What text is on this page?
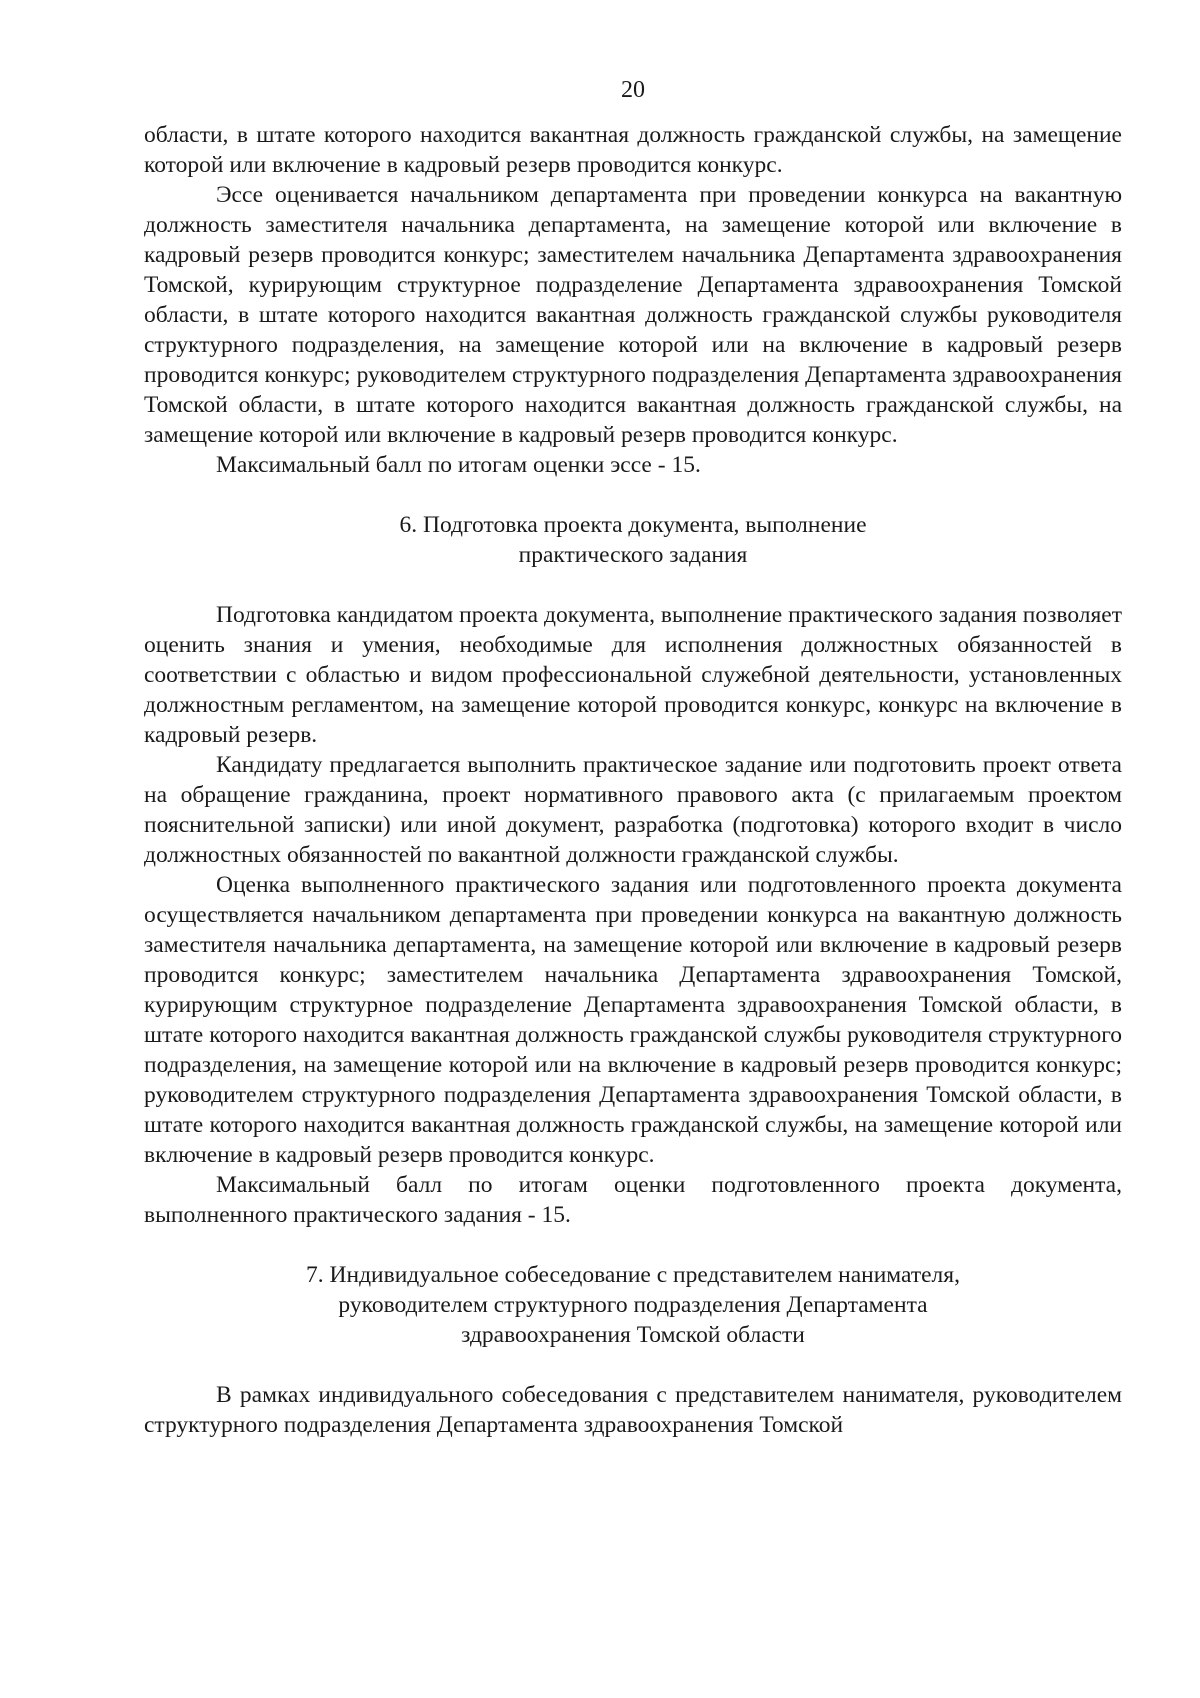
20

области, в штате которого находится вакантная должность гражданской службы, на замещение которой или включение в кадровый резерв проводится конкурс.

Эссе оценивается начальником департамента при проведении конкурса на вакантную должность заместителя начальника департамента, на замещение которой или включение в кадровый резерв проводится конкурс; заместителем начальника Департамента здравоохранения Томской, курирующим структурное подразделение Департамента здравоохранения Томской области, в штате которого находится вакантная должность гражданской службы руководителя структурного подразделения, на замещение которой или на включение в кадровый резерв проводится конкурс; руководителем структурного подразделения Департамента здравоохранения Томской области, в штате которого находится вакантная должность гражданской службы, на замещение которой или включение в кадровый резерв проводится конкурс.

Максимальный балл по итогам оценки эссе - 15.

6. Подготовка проекта документа, выполнение
практического задания

Подготовка кандидатом проекта документа, выполнение практического задания позволяет оценить знания и умения, необходимые для исполнения должностных обязанностей в соответствии с областью и видом профессиональной служебной деятельности, установленных должностным регламентом, на замещение которой проводится конкурс, конкурс на включение в кадровый резерв.

Кандидату предлагается выполнить практическое задание или подготовить проект ответа на обращение гражданина, проект нормативного правового акта (с прилагаемым проектом пояснительной записки) или иной документ, разработка (подготовка) которого входит в число должностных обязанностей по вакантной должности гражданской службы.

Оценка выполненного практического задания или подготовленного проекта документа осуществляется начальником департамента при проведении конкурса на вакантную должность заместителя начальника департамента, на замещение которой или включение в кадровый резерв проводится конкурс; заместителем начальника Департамента здравоохранения Томской, курирующим структурное подразделение Департамента здравоохранения Томской области, в штате которого находится вакантная должность гражданской службы руководителя структурного подразделения, на замещение которой или на включение в кадровый резерв проводится конкурс; руководителем структурного подразделения Департамента здравоохранения Томской области, в штате которого находится вакантная должность гражданской службы, на замещение которой или включение в кадровый резерв проводится конкурс.

Максимальный балл по итогам оценки подготовленного проекта документа, выполненного практического задания - 15.

7. Индивидуальное собеседование с представителем нанимателя,
руководителем структурного подразделения Департамента
здравоохранения Томской области

В рамках индивидуального собеседования с представителем нанимателя, руководителем структурного подразделения Департамента здравоохранения Томской
